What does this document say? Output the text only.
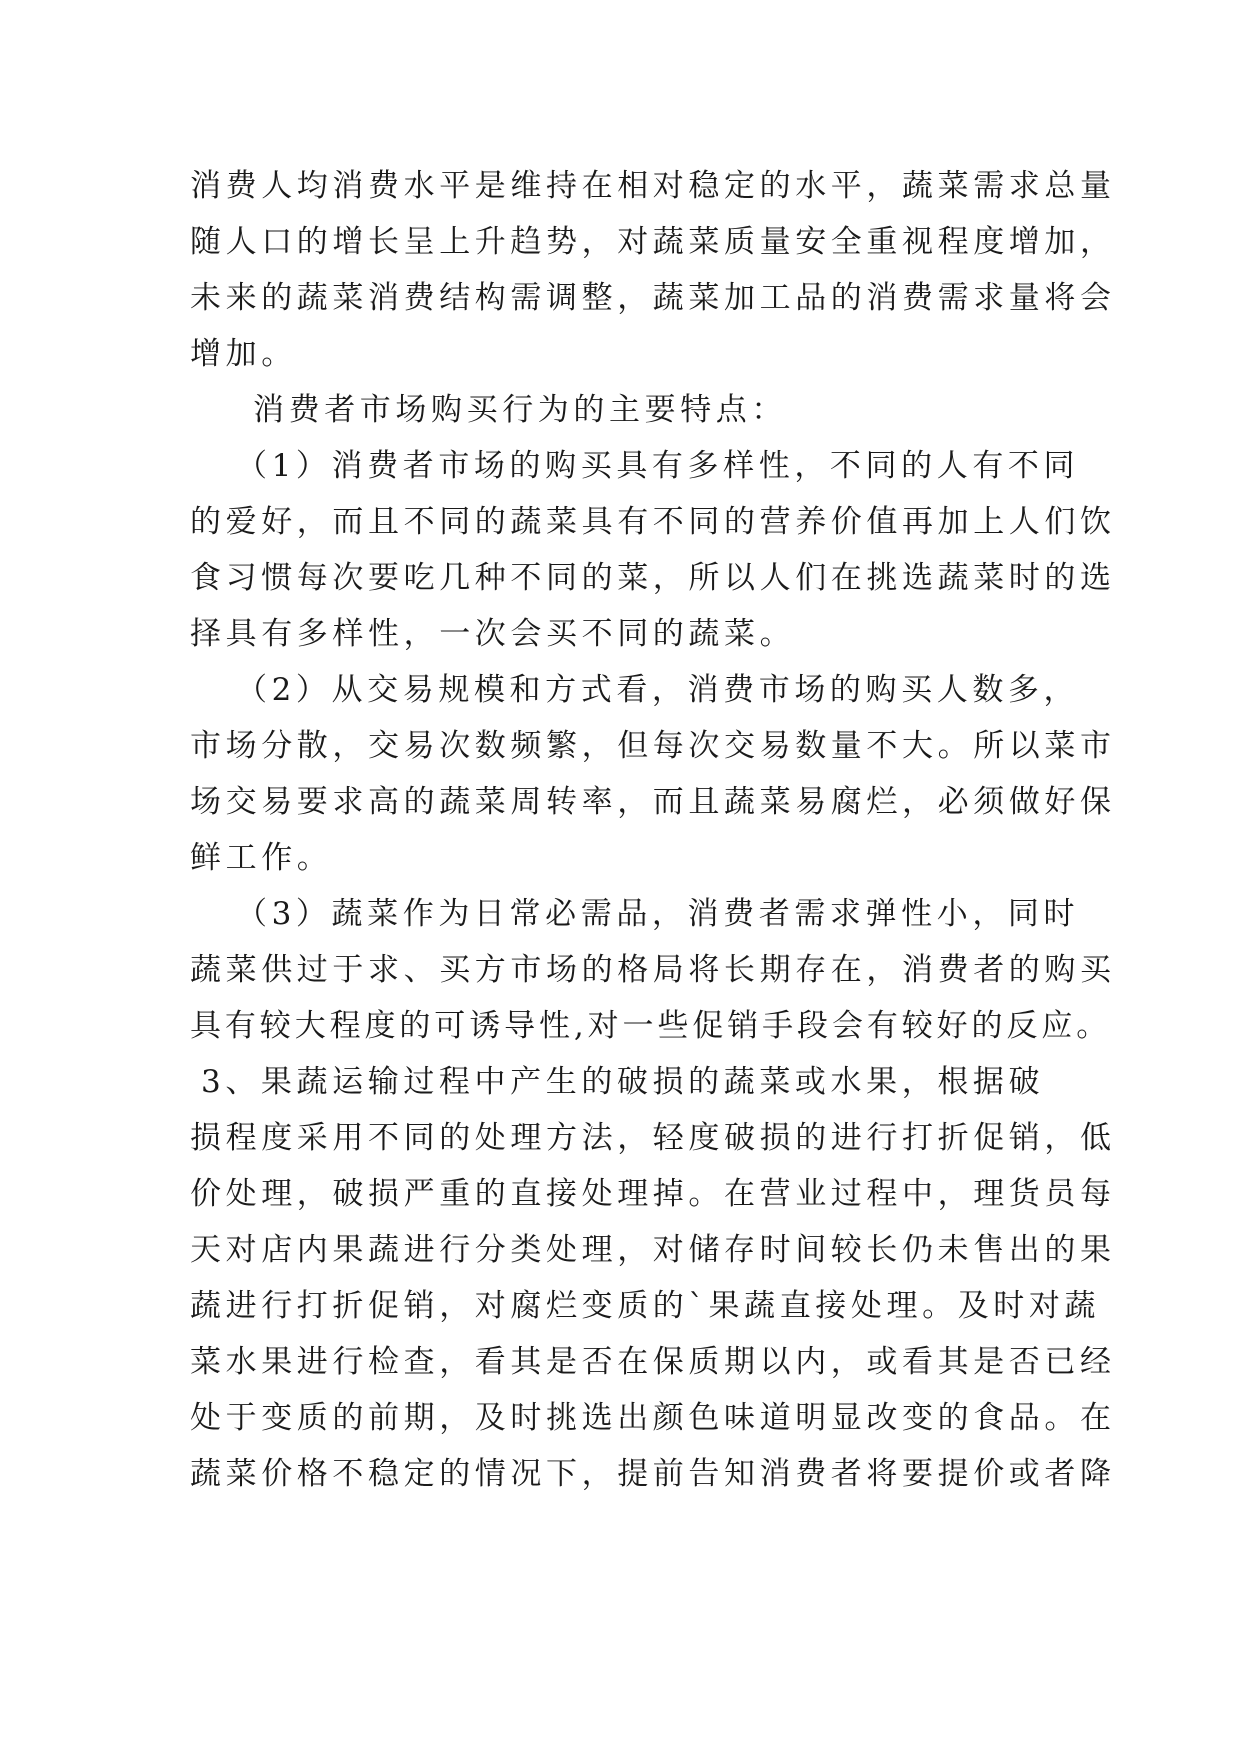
消费人均消费水平是维持在相对稳定的水平，蔬菜需求总量

随人口的增长呈上升趋势，对蔬菜质量安全重视程度增加，

未来的蔬菜消费结构需调整，蔬菜加工品的消费需求量将会

增加。

消费者市场购买行为的主要特点：

（1）消费者市场的购买具有多样性，不同的人有不同

的爱好，而且不同的蔬菜具有不同的营养价值再加上人们饮

食习惯每次要吃几种不同的菜，所以人们在挑选蔬菜时的选

择具有多样性，一次会买不同的蔬菜。

（2）从交易规模和方式看，消费市场的购买人数多，

市场分散，交易次数频繁，但每次交易数量不大。所以菜市

场交易要求高的蔬菜周转率，而且蔬菜易腐烂，必须做好保

鲜工作。

（3）蔬菜作为日常必需品，消费者需求弹性小，同时

蔬菜供过于求、买方市场的格局将长期存在，消费者的购买

具有较大程度的可诱导性,对一些促销手段会有较好的反应。

3、果蔬运输过程中产生的破损的蔬菜或水果，根据破

损程度采用不同的处理方法，轻度破损的进行打折促销，低

价处理，破损严重的直接处理掉。在营业过程中，理货员每

天对店内果蔬进行分类处理，对储存时间较长仍未售出的果

蔬进行打折促销，对腐烂变质的`果蔬直接处理。及时对蔬

菜水果进行检查，看其是否在保质期以内，或看其是否已经

处于变质的前期，及时挑选出颜色味道明显改变的食品。在

蔬菜价格不稳定的情况下，提前告知消费者将要提价或者降
